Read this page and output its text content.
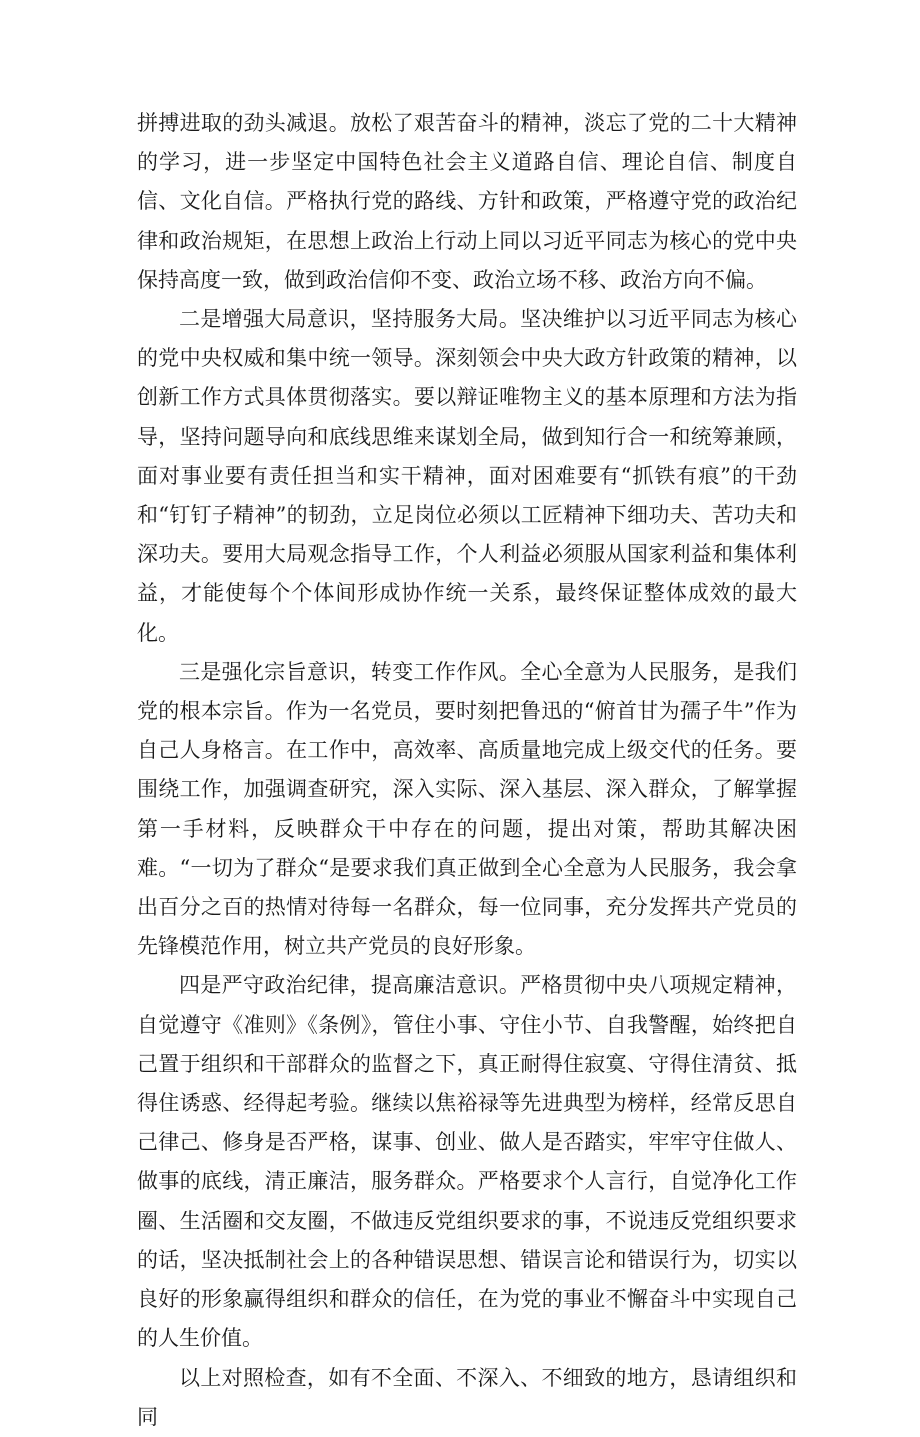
拼搏进取的劲头减退。放松了艰苦奋斗的精神，淡忘了党的二十大精神的学习，进一步坚定中国特色社会主义道路自信、理论自信、制度自信、文化自信。严格执行党的路线、方针和政策，严格遵守党的政治纪律和政治规矩，在思想上政治上行动上同以习近平同志为核心的党中央保持高度一致，做到政治信仰不变、政治立场不移、政治方向不偏。

二是增强大局意识，坚持服务大局。坚决维护以习近平同志为核心的党中央权威和集中统一领导。深刻领会中央大政方针政策的精神，以创新工作方式具体贯彻落实。要以辩证唯物主义的基本原理和方法为指导，坚持问题导向和底线思维来谋划全局，做到知行合一和统筹兼顾，面对事业要有责任担当和实干精神，面对困难要有“抓铁有痕”的干劲和“钉钉子精神”的韧劲，立足岗位必须以工匠精神下细功夫、苦功夫和深功夫。要用大局观念指导工作，个人利益必须服从国家利益和集体利益，才能使每个个体间形成协作统一关系，最终保证整体成效的最大化。

三是强化宗旨意识，转变工作作风。全心全意为人民服务，是我们党的根本宗旨。作为一名党员，要时刻把鲁迅的“俯首甘为孺子牛”作为自己人身格言。在工作中，高效率、高质量地完成上级交代的任务。要围绕工作，加强调查研究，深入实际、深入基层、深入群众，了解掌握第一手材料，反映群众干中存在的问题，提出对策，帮助其解决困难。“一切为了群众“是要求我们真正做到全心全意为人民服务，我会拿出百分之百的热情对待每一名群众，每一位同事，充分发挥共产党员的先锋模范作用，树立共产党员的良好形象。

四是严守政治纪律，提高廉洁意识。严格贯彻中央八项规定精神，自觉遵守《准则》《条例》，管住小事、守住小节、自我警醒，始终把自己置于组织和干部群众的监督之下，真正耐得住寂寞、守得住清贫、抵得住诱惑、经得起考验。继续以焦裕禄等先进典型为榜样，经常反思自己律己、修身是否严格，谋事、创业、做人是否踏实，牢牢守住做人、做事的底线，清正廉洁，服务群众。严格要求个人言行，自觉净化工作圈、生活圈和交友圈，不做违反党组织要求的事，不说违反党组织要求的话，坚决抵制社会上的各种错误思想、错误言论和错误行为，切实以良好的形象赢得组织和群众的信任，在为党的事业不懈奋斗中实现自己的人生价值。

以上对照检查，如有不全面、不深入、不细致的地方，恳请组织和同
